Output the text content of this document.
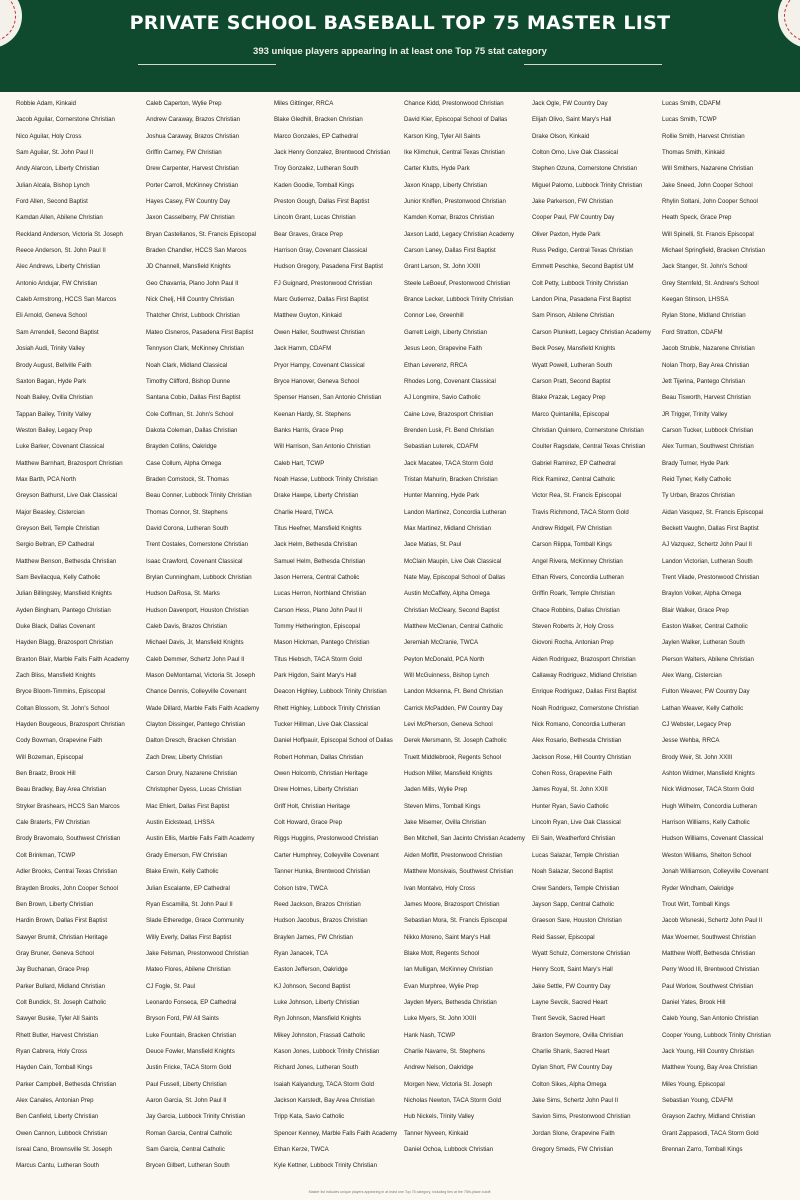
PRIVATE SCHOOL BASEBALL TOP 75 MASTER LIST
393 unique players appearing in at least one Top 75 stat category
Robbie Adam, Kinkaid
Jacob Aguilar, Cornerstone Christian
Nico Aguilar, Holy Cross
Sam Aguilar, St. John Paul II
Andy Alarcon, Liberty Christian
Julian Alcala, Bishop Lynch
Ford Allen, Second Baptist
Kamdan Allen, Abilene Christian
Reckland Anderson, Victoria St. Joseph
Reece Anderson, St. John Paul II
Alec Andrews, Liberty Christian
Antonio Andujar, FW Christian
Caleb Armstrong, HCCS San Marcos
Eli Arnold, Geneva School
Sam Arrendell, Second Baptist
Josiah Audi, Trinity Valley
Brody August, Bellville Faith
Saxton Bagan, Hyde Park
Noah Bailey, Ovilla Christian
Tappan Bailey, Trinity Valley
Weston Bailey, Legacy Prep
Luke Barker, Covenant Classical
Matthew Barnhart, Brazosport Christian
Max Barth, PCA North
Greyson Bathurst, Live Oak Classical
Major Beasley, Cistercian
Greyson Bell, Temple Christian
Sergio Beltran, EP Cathedral
Matthew Benson, Bethesda Christian
Sam Bevilacqua, Kelly Catholic
Julian Billingsley, Mansfield Knights
Ayden Bingham, Pantego Christian
Duke Black, Dallas Covenant
Hayden Blagg, Brazosport Christian
Braxton Blair, Marble Falls Faith Academy
Zach Bliss, Mansfield Knights
Bryce Bloom-Timmins, Episcopal
Coltan Blossom, St. John's School
Hayden Bougeous, Brazosport Christian
Cody Bowman, Grapevine Faith
Will Bozeman, Episcopal
Ben Braatz, Brook Hill
Beau Bradley, Bay Area Christian
Stryker Brashears, HCCS San Marcos
Cale Braterls, FW Christian
Brody Bravomalo, Southwest Christian
Colt Brinkman, TCWP
Adler Brooks, Central Texas Christian
Brayden Brooks, John Cooper School
Ben Brown, Liberty Christian
Hardin Brown, Dallas First Baptist
Sawyer Brumit, Christian Heritage
Gray Bruner, Geneva School
Jay Buchanan, Grace Prep
Parker Bullard, Midland Christian
Colt Bundick, St. Joseph Catholic
Sawyer Buske, Tyler All Saints
Rhett Butler, Harvest Christian
Ryan Cabrera, Holy Cross
Hayden Cain, Tomball Kings
Parker Campbell, Bethesda Christian
Alex Canales, Antonian Prep
Ben Canfield, Liberty Christian
Owen Cannon, Lubbock Christian
Isreal Cano, Brownsville St. Joseph
Marcus Cantu, Lutheran South
Caleb Caperton, Wylie Prep
Andrew Caraway, Brazos Christian
Joshua Caraway, Brazos Christian
Griffin Carney, FW Christian
Drew Carpenter, Harvest Christian
Porter Carroll, McKinney Christian
Hayes Casey, FW Country Day
Jaxon Casselberry, FW Christian
Bryan Castellanos, St. Francis Episcopal
Braden Chandler, HCCS San Marcos
JD Channell, Mansfield Knights
Geo Chavarria, Plano John Paul II
Nick Chelj, Hill Country Christian
Thatcher Christ, Lubbock Christian
Mateo Cisneros, Pasadena First Baptist
Tennyson Clark, McKinney Christian
Noah Clark, Midland Classical
Timothy Clifford, Bishop Dunne
Santana Cobio, Dallas First Baptist
Cole Coffman, St. John's School
Dakota Coleman, Dallas Christian
Brayden Collins, Oakridge
Case Collum, Alpha Omega
Braden Comstock, St. Thomas
Beau Conner, Lubbock Trinity Christian
Thomas Connor, St. Stephens
David Corona, Lutheran South
Trent Costales, Cornerstone Christian
Isaac Crawford, Covenant Classical
Brylan Cunningham, Lubbock Christian
Hudson DaRosa, St. Marks
Hudson Davenport, Houston Christian
Caleb Davis, Brazos Christian
Michael Davis, Jr, Mansfield Knights
Caleb Demmer, Schertz John Paul II
Mason DeMontarnal, Victoria St. Joseph
Chance Dennis, Colleyville Covenant
Wade Dillard, Marble Falls Faith Academy
Clayton Dissinger, Pantego Christian
Dalton Dresch, Bracken Christian
Zach Drew, Liberty Christian
Carson Drury, Nazarene Christian
Christopher Dyess, Lucas Christian
Mac Ehlert, Dallas First Baptist
Austin Eickstead, LHSSA
Austin Ellis, Marble Falls Faith Academy
Grady Emerson, FW Christian
Blake Erwin, Kelly Catholic
Julian Escalante, EP Cathedral
Ryan Escamilla, St. John Paul II
Slade Etheredge, Grace Community
Willy Everly, Dallas First Baptist
Jake Felsman, Prestonwood Christian
Mateo Flores, Abilene Christian
CJ Fogle, St. Paul
Leonardo Fonseca, EP Cathedral
Bryson Ford, FW All Saints
Luke Fountain, Bracken Christian
Deuce Fowler, Mansfield Knights
Justin Fricke, TACA Storm Gold
Paul Fussell, Liberty Christian
Aaron Garcia, St. John Paul II
Jay Garcia, Lubbock Trinity Christian
Roman Garcia, Central Catholic
Sam Garcia, Central Catholic
Brycen Gilbert, Lutheran South
Miles Gittinger, RRCA
Blake Gledhill, Bracken Christian
Marco Gonzales, EP Cathedral
Jack Henry Gonzalez, Brentwood Christian
Troy Gonzalez, Lutheran South
Kaden Goodie, Tomball Kings
Preston Gough, Dallas First Baptist
Lincoln Grant, Lucas Christian
Bear Graves, Grace Prep
Harrison Gray, Covenant Classical
Hudson Gregory, Pasadena First Baptist
FJ Guignard, Prestonwood Christian
Marc Gutierrez, Dallas First Baptist
Matthew Guyton, Kinkaid
Owen Haller, Southwest Christian
Jack Hamm, CDAFM
Pryor Hampy, Covenant Classical
Bryce Hanover, Geneva School
Spenser Hansen, San Antonio Christian
Keenan Hardy, St. Stephens
Banks Harris, Grace Prep
Will Harrison, San Antonio Christian
Caleb Hart, TCWP
Noah Hasse, Lubbock Trinity Christian
Drake Hawpe, Liberty Christian
Charlie Heard, TWCA
Titus Heefner, Mansfield Knights
Jack Helm, Bethesda Christian
Samuel Helm, Bethesda Christian
Jason Herrera, Central Catholic
Lucas Herron, Northland Christian
Carson Hess, Plano John Paul II
Tommy Hetherington, Episcopal
Mason Hickman, Pantego Christian
Titus Hiebsch, TACA Storm Gold
Park Higdon, Saint Mary's Hall
Deacon Highley, Lubbock Trinity Christian
Rhett Highley, Lubbock Trinity Christian
Tucker Hillman, Live Oak Classical
Daniel Hoffpauir, Episcopal School of Dallas
Robert Hohman, Dallas Christian
Owen Holcomb, Christian Heritage
Drew Holmes, Liberty Christian
Griff Holt, Christian Heritage
Colt Howard, Grace Prep
Riggs Huggins, Prestonwood Christian
Carter Humphrey, Colleyville Covenant
Tanner Hunka, Brentwood Christian
Colson Istre, TWCA
Reed Jackson, Brazos Christian
Hudson Jacobus, Brazos Christian
Braylen James, FW Christian
Ryan Janacek, TCA
Easton Jefferson, Oakridge
KJ Johnson, Second Baptist
Luke Johnson, Liberty Christian
Ryn Johnson, Mansfield Knights
Mikey Johnston, Frassati Catholic
Kason Jones, Lubbock Trinity Christian
Richard Jones, Lutheran South
Isaiah Kalyandurg, TACA Storm Gold
Jackson Karstedt, Bay Area Christian
Tripp Kata, Savio Catholic
Spencer Kenney, Marble Falls Faith Academy
Ethan Kerze, TWCA
Kyle Kettner, Lubbock Trinity Christian
Chance Kidd, Prestonwood Christian
David Kier, Episcopal School of Dallas
Karson King, Tyler All Saints
Ike Klimchuk, Central Texas Christian
Carter Klutts, Hyde Park
Jaxon Knapp, Liberty Christian
Junior Kniffen, Prestonwood Christian
Kamden Komar, Brazos Christian
Jaxson Ladd, Legacy Christian Academy
Carson Laney, Dallas First Baptist
Grant Larson, St. John XXIII
Steele LeBoeuf, Prestonwood Christian
Brance Lecker, Lubbock Trinity Christian
Connor Lee, Greenhill
Garrett Leigh, Liberty Christian
Jesus Leon, Grapevine Faith
Ethan Leverenz, RRCA
Rhodes Long, Covenant Classical
AJ Longmire, Savio Catholic
Caine Love, Brazosport Christian
Brenden Lusk, Ft. Bend Christian
Sebastian Luterek, CDAFM
Jack Macatee, TACA Storm Gold
Tristan Mahurin, Bracken Christian
Hunter Manning, Hyde Park
Landon Martinez, Concordia Lutheran
Max Martinez, Midland Christian
Jace Matias, St. Paul
McClain Maupin, Live Oak Classical
Nate May, Episcopal School of Dallas
Austin McCaffety, Alpha Omega
Christian McCleary, Second Baptist
Matthew McClenan, Central Catholic
Jeremiah McCranie, TWCA
Peyton McDonald, PCA North
Will McGuinness, Bishop Lynch
Landon Mckenna, Ft. Bend Christian
Carrick McPadden, FW Country Day
Levi McPherson, Geneva School
Derek Mersmann, St. Joseph Catholic
Truett Middlebrook, Regents School
Hudson Miller, Mansfield Knights
Jaden Mills, Wylie Prep
Steven Mims, Tomball Kings
Jake Misemer, Ovilla Christian
Ben Mitchell, San Jacinto Christian Academy
Aiden Moffitt, Prestonwood Christian
Matthew Monsivais, Southwest Christian
Ivan Montalvo, Holy Cross
James Moore, Brazosport Christian
Sebastian Mora, St. Francis Episcopal
Nikko Moreno, Saint Mary's Hall
Blake Mott, Regents School
Ian Mulligan, McKinney Christian
Evan Murphree, Wylie Prep
Jayden Myers, Bethesda Christian
Luke Myers, St. John XXIII
Hank Nash, TCWP
Charlie Navarre, St. Stephens
Andrew Nelson, Oakridge
Morgen New, Victoria St. Joseph
Nicholas Newton, TACA Storm Gold
Hub Nickels, Trinity Valley
Tanner Nyveen, Kinkaid
Daniel Ochoa, Lubbock Christian
Jack Ogle, FW Country Day
Elijah Olivo, Saint Mary's Hall
Drake Olson, Kinkaid
Colton Omo, Live Oak Classical
Stephen Ozuna, Cornerstone Christian
Miguel Palomo, Lubbock Trinity Christian
Jake Parkerson, FW Christian
Cooper Paul, FW Country Day
Oliver Paxton, Hyde Park
Russ Pedigo, Central Texas Christian
Emmett Peschke, Second Baptist UM
Colt Petty, Lubbock Trinity Christian
Landon Pina, Pasadena First Baptist
Sam Pinson, Abilene Christian
Carson Plunkett, Legacy Christian Academy
Beck Posey, Mansfield Knights
Wyatt Powell, Lutheran South
Carson Pratt, Second Baptist
Blake Prazak, Legacy Prep
Marco Quintanilla, Episcopal
Christian Quintero, Cornerstone Christian
Coulter Ragsdale, Central Texas Christian
Gabriel Ramirez, EP Cathedral
Rick Ramirez, Central Catholic
Victor Rea, St. Francis Episcopal
Travis Richmond, TACA Storm Gold
Andrew Ridgell, FW Christian
Carson Riippa, Tomball Kings
Angel Rivera, McKinney Christian
Ethan Rivers, Concordia Lutheran
Griffin Roark, Temple Christian
Chace Robbins, Dallas Christian
Steven Roberts Jr, Holy Cross
Giovoni Rocha, Antonian Prep
Aiden Rodriguez, Brazosport Christian
Callaway Rodriguez, Midland Christian
Enrique Rodriguez, Dallas First Baptist
Noah Rodriguez, Cornerstone Christian
Nick Romano, Concordia Lutheran
Alex Rosario, Bethesda Christian
Jackson Rose, Hill Country Christian
Cohen Ross, Grapevine Faith
James Royal, St. John XXIII
Hunter Ryan, Savio Catholic
Lincoln Ryan, Live Oak Classical
Eli Sain, Weatherford Christian
Lucas Salazar, Temple Christian
Noah Salazar, Second Baptist
Crew Sanders, Temple Christian
Jayson Sapp, Central Catholic
Graeson Sare, Houston Christian
Reid Sasser, Episcopal
Wyatt Schulz, Cornerstone Christian
Henry Scott, Saint Mary's Hall
Jake Settle, FW Country Day
Layne Sevcik, Sacred Heart
Trent Sevcik, Sacred Heart
Braxton Seymore, Ovilla Christian
Charlie Shank, Sacred Heart
Dylan Short, FW Country Day
Colton Sikes, Alpha Omega
Jake Sims, Schertz John Paul II
Savion Sims, Prestonwood Christian
Jordan Slone, Grapevine Faith
Gregory Smeds, FW Christian
Lucas Smith, CDAFM
Lucas Smith, TCWP
Rollie Smith, Harvest Christian
Thomas Smith, Kinkaid
Will Smithers, Nazarene Christian
Jake Sneed, John Cooper School
Rhylin Soltani, John Cooper School
Heath Speck, Grace Prep
Will Spinelli, St. Francis Episcopal
Michael Springfield, Bracken Christian
Jack Stanger, St. John's School
Grey Sternfeld, St. Andrew's School
Keegan Stinson, LHSSA
Rylan Stone, Midland Christian
Ford Stratton, CDAFM
Jacob Struble, Nazarene Christian
Nolan Thorp, Bay Area Christian
Jett Tijerina, Pantego Christian
Beau Tisworth, Harvest Christian
JR Trigger, Trinity Valley
Carson Tucker, Lubbock Christian
Alex Turman, Southwest Christian
Brady Turner, Hyde Park
Reid Tyner, Kelly Catholic
Ty Urban, Brazos Christian
Aidan Vasquez, St. Francis Episcopal
Beckett Vaughn, Dallas First Baptist
AJ Vazquez, Schertz John Paul II
Landon Victorian, Lutheran South
Trent Vilade, Prestonwood Christian
Braylon Volker, Alpha Omega
Blair Walker, Grace Prep
Easton Walker, Central Catholic
Jaylen Walker, Lutheran South
Pierson Walters, Abilene Christian
Alex Wang, Cistercian
Fulton Weaver, FW Country Day
Lathan Weaver, Kelly Catholic
CJ Webster, Legacy Prep
Jesse Wehba, RRCA
Brody Weir, St. John XXIII
Ashton Widmer, Mansfield Knights
Nick Widmoser, TACA Storm Gold
Hugh Wilhelm, Concordia Lutheran
Harrison Williams, Kelly Catholic
Hudson Williams, Covenant Classical
Weston Williams, Shelton School
Jonah Williamson, Colleyville Covenant
Ryder Windham, Oakridge
Trout Wirt, Tomball Kings
Jacob Wisneski, Schertz John Paul II
Max Woerner, Southwest Christian
Matthew Wolff, Bethesda Christian
Perry Wood III, Brentwood Christian
Paul Worlow, Southwest Christian
Daniel Yates, Brook Hill
Caleb Young, San Antonio Christian
Cooper Young, Lubbock Trinity Christian
Jack Young, Hill Country Christian
Matthew Young, Bay Area Christian
Miles Young, Episcopal
Sebastian Young, CDAFM
Grayson Zachry, Midland Christian
Grant Zappasodi, TACA Storm Gold
Brennan Zarro, Tomball Kings
Master list includes unique players appearing in at least one Top 75 category, including ties at the 75th-place cutoff.
